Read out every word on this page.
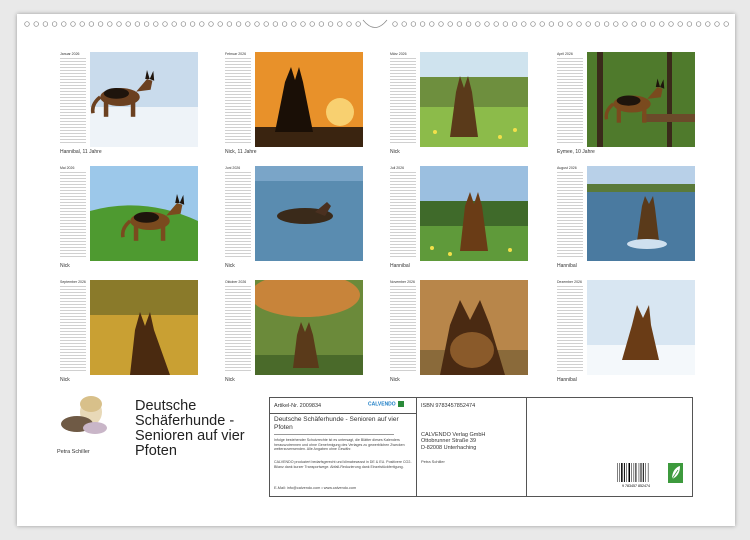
Januar 2026
Hannibal, 11 Jahre
Februar 2026
Nick, 11 Jahre
März 2026
Nick
April 2026
Eymee, 10 Jahre
Mai 2026
Nick
Juni 2026
Nick
Juli 2026
Hannibal
August 2026
Hannibal
September 2026
Nick
Oktober 2026
Nick
November 2026
Nick
Dezember 2026
Hannibal
Petra Schiller
Deutsche Schäferhunde - Senioren auf vier Pfoten
Artikel-Nr. 2009834	CALVENDO
Deutsche Schäferhunde - Senioren auf vier Pfoten
Infolge bestehender Schutzrechte ist es untersagt, die Blätter dieses Kalenders herauszutrennen und ohne Genehmigung des Verlages zu gewerblichen Zwecken weiterzuverwenden. Alle Angaben ohne Gewähr.
CALVENDO produziert bedarfsgerecht und klimabewusst in DE & EU. Positivere CO2-Bilanz dank kurzer Transportwege. Abfall-Reduzierung dank Einzelstückfertigung.
E-Mail: info@calvendo.com • www.calvendo.com
ISBN 9783457852474
CALVENDO Verlag GmbH
Ottobrunner Straße 39
D-82008 Unterhaching
Petra Schiller
9 783457 852474
